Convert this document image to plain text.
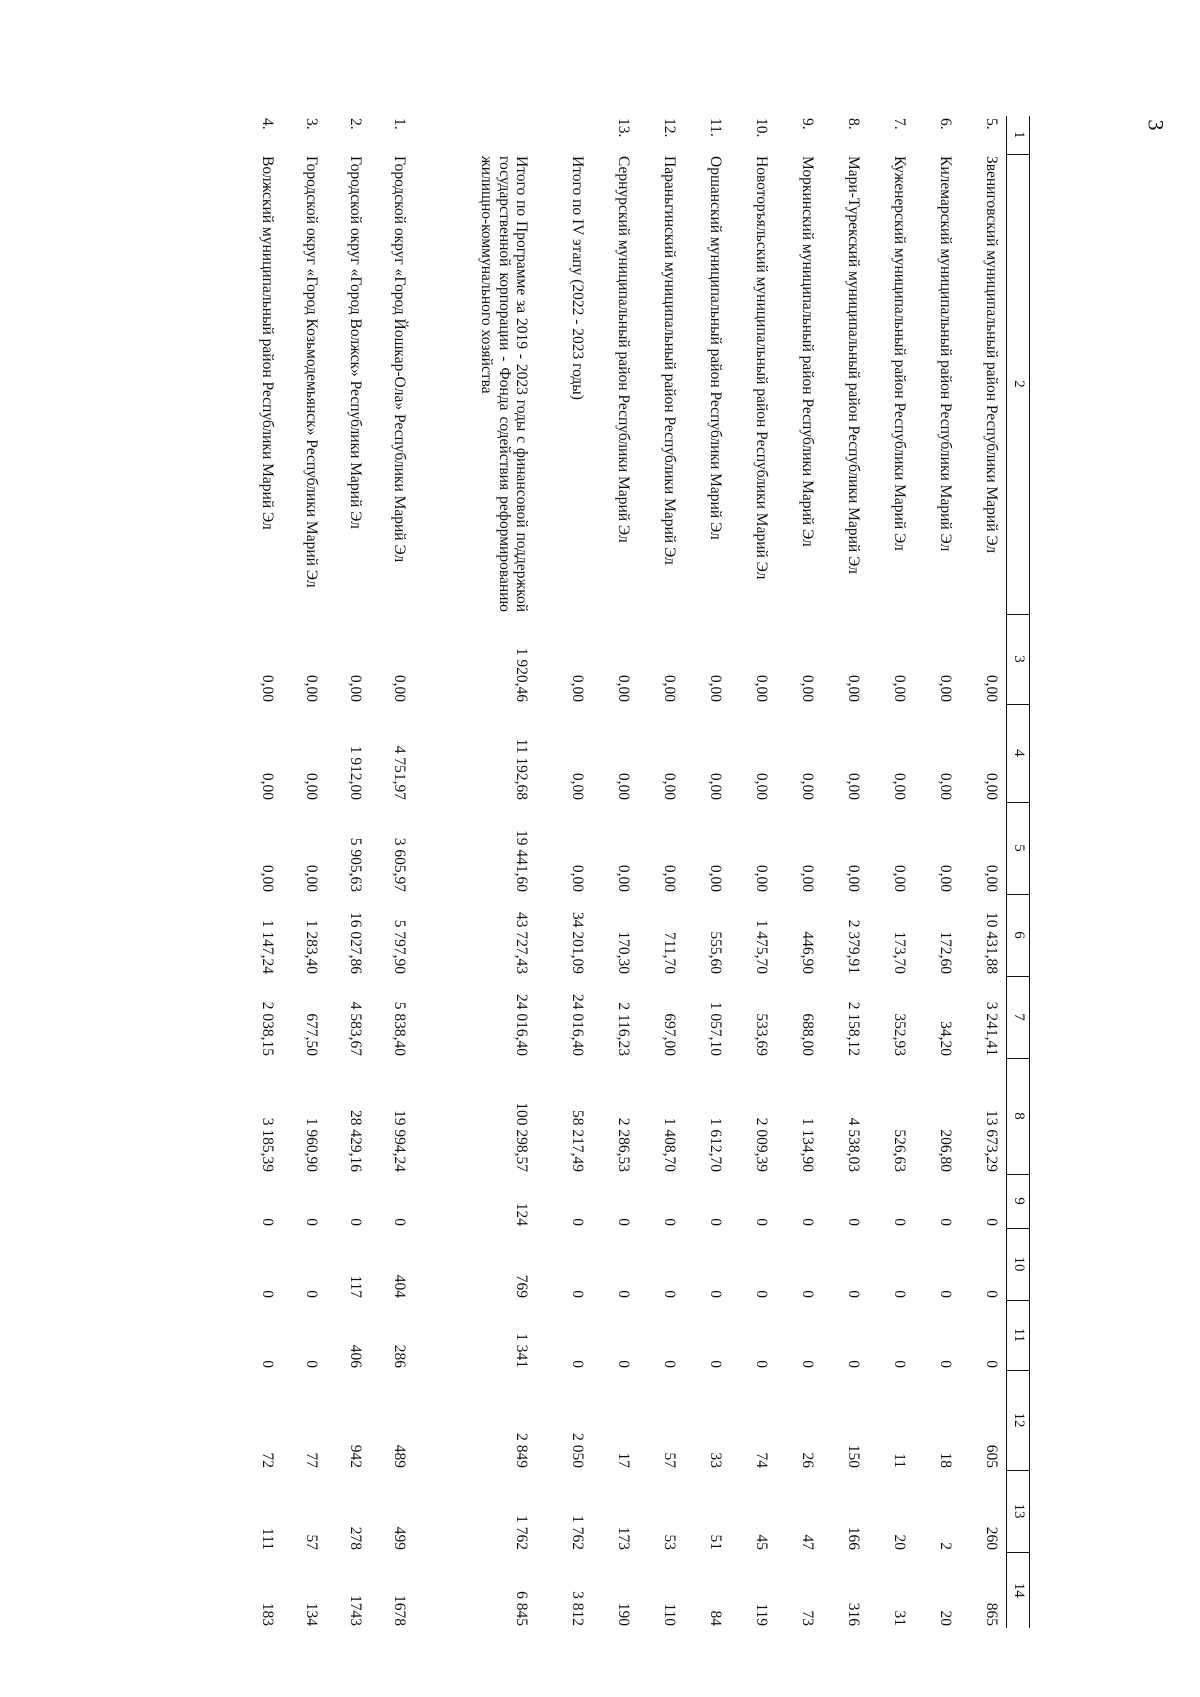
3
1	2	3	4	5	6	7	8	9	10	11	12	13	14
5.	Звениговский муниципальный район Республики Марий Эл	0,00	0,00	0,00	10 431,88	3 241,41	13 673,29	0	0	0	605	260	865
6.	Килемарский муниципальный район Республики Марий Эл	0,00	0,00	0,00	172,60	34,20	206,80	0	0	0	18	2	20
7.	Куженерский муниципальный район Республики Марий Эл	0,00	0,00	0,00	173,70	352,93	526,63	0	0	0	11	20	31
8.	Мари-Турекский муниципальный район Республики Марий Эл	0,00	0,00	0,00	2 379,91	2 158,12	4 538,03	0	0	0	150	166	316
9.	Моркинский муниципальный район Республики Марий Эл	0,00	0,00	0,00	446,90	688,00	1 134,90	0	0	0	26	47	73
10.	Новоторъяльский муниципальный район Республики Марий Эл	0,00	0,00	0,00	1 475,70	533,69	2 009,39	0	0	0	74	45	119
11.	Оршанский муниципальный район Республики Марий Эл	0,00	0,00	0,00	555,60	1 057,10	1 612,70	0	0	0	33	51	84
12.	Параньгинский муниципальный район Республики Марий Эл	0,00	0,00	0,00	711,70	697,00	1 408,70	0	0	0	57	53	110
13.	Сернурский муниципальный район Республики Марий Эл	0,00	0,00	0,00	170,30	2 116,23	2 286,53	0	0	0	17	173	190
	Итого по IV этапу (2022 - 2023 годы)	0,00	0,00	0,00	34 201,09	24 016,40	58 217,49	0	0	0	2 050	1 762	3 812
	Итого по Программе за 2019 - 2023 годы с финансовой поддержкой государственной корпорации - Фонда содействия реформированию жилищно-коммунального хозяйства	1 920,46	11 192,68	19 441,60	43 727,43	24 016,40	100 298,57	124	769	1 341	2 849	1 762	6 845

1.	Городской округ «Город Йошкар-Ола» Республики Марий Эл	0,00	4 751,97	3 605,97	5 797,90	5 838,40	19 994,24	0	404	286	489	499	1678
2.	Городской округ «Город Волжск» Республики Марий Эл	0,00	1 912,00	5 905,63	16 027,86	4 583,67	28 429,16	0	117	406	942	278	1743
3.	Городской округ «Город Козьмодемьянск» Республики Марий Эл	0,00	0,00	0,00	1 283,40	677,50	1 960,90	0	0	0	77	57	134
4.	Волжский муниципальный район Республики Марий Эл	0,00	0,00	0,00	1 147,24	2 038,15	3 185,39	0	0	0	72	111	183
